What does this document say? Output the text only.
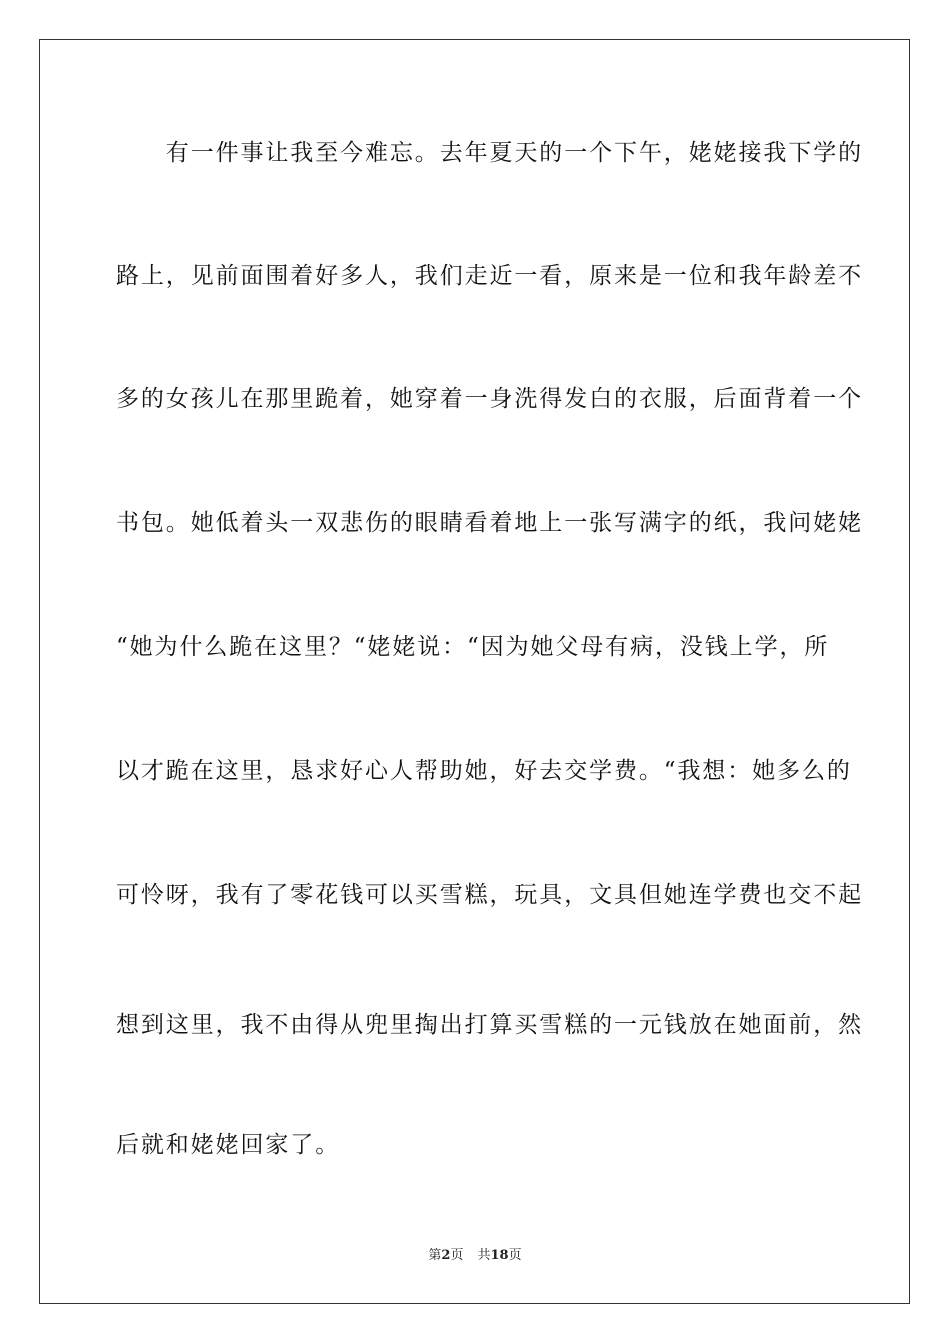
　　有一件事让我至今难忘。去年夏天的一个下午，姥姥接我下学的
路上，见前面围着好多人，我们走近一看，原来是一位和我年龄差不
多的女孩儿在那里跪着，她穿着一身洗得发白的衣服，后面背着一个
书包。她低着头一双悲伤的眼睛看着地上一张写满字的纸，我问姥姥
“她为什么跪在这里？“姥姥说：“因为她父母有病，没钱上学，所
以才跪在这里，恳求好心人帮助她，好去交学费。“我想：她多么的
可怜呀，我有了零花钱可以买雪糕，玩具，文具但她连学费也交不起
想到这里，我不由得从兜里掏出打算买雪糕的一元钱放在她面前，然
后就和姥姥回家了。
第2页 共18页
